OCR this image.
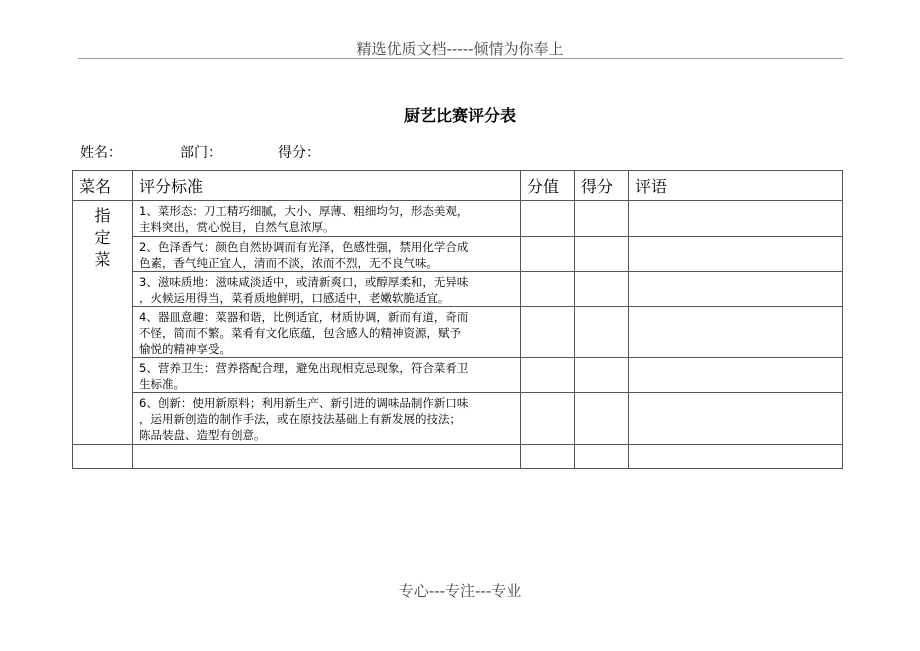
精选优质文档-----倾情为你奉上
厨艺比赛评分表
姓名：	部门：	得分：
菜名	评分标准	分值	得分	评语

指定菜	1、菜形态：刀工精巧细腻，大小、厚薄、粗细均匀，形态美观，
主料突出，赏心悦目，自然气息浓厚。			

	2、色泽香气：颜色自然协调而有光泽，色感性强，禁用化学合成
色素，香气纯正宜人，清而不淡，浓而不烈，无不良气味。			

	3、滋味质地：滋味咸淡适中，或清新爽口，或醇厚柔和，无异味
，火候运用得当，菜肴质地鲜明，口感适中，老嫩软脆适宜。			

	4、器皿意趣：菜器和谐，比例适宜，材质协调，新而有道，奇而
不怪，简而不繁。菜肴有文化底蕴，包含感人的精神资源，赋予
愉悦的精神享受。			

	5、营养卫生：营养搭配合理，避免出现相克忌现象，符合菜肴卫
生标准。			

	6、创新：使用新原料；利用新生产、新引进的调味品制作新口味
，运用新创造的制作手法，或在原技法基础上有新发展的技法；
陈品装盘、造型有创意。			

专心---专注---专业
